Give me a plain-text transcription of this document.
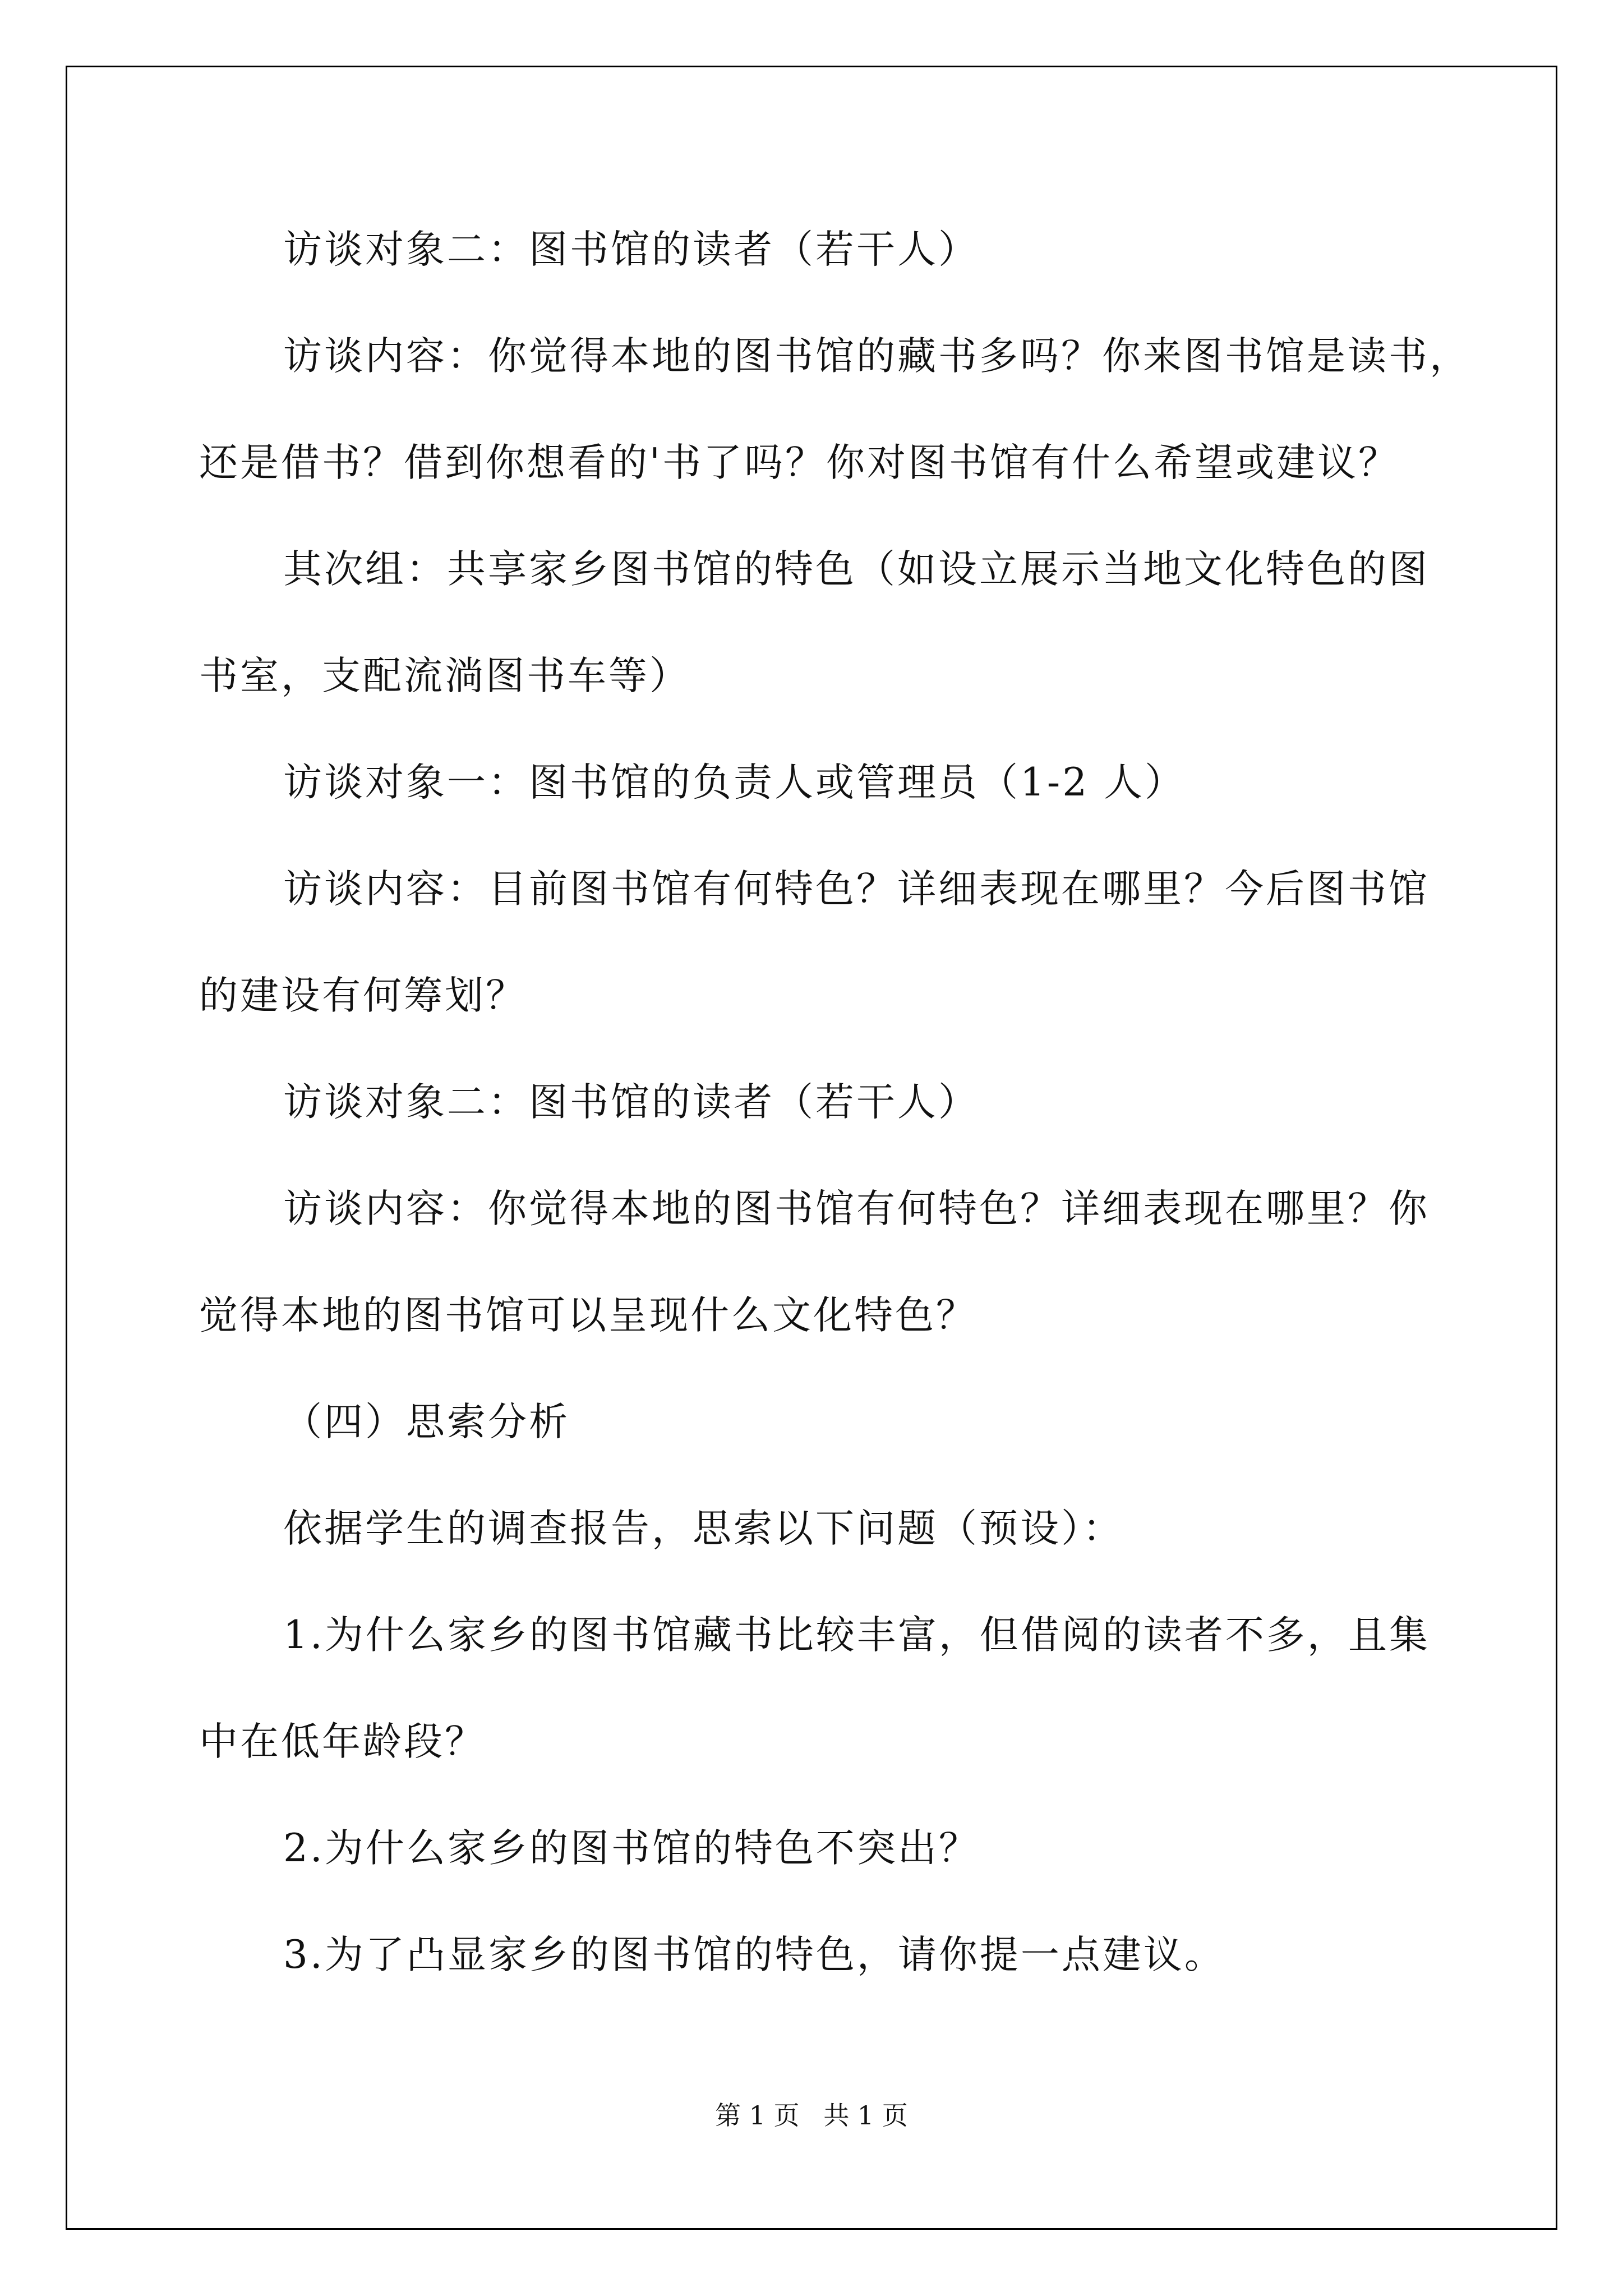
访谈对象二：图书馆的读者（若干人）
访谈内容：你觉得本地的图书馆的藏书多吗？你来图书馆是读书，
还是借书？借到你想看的'书了吗？你对图书馆有什么希望或建议？
其次组：共享家乡图书馆的特色（如设立展示当地文化特色的图
书室，支配流淌图书车等）
访谈对象一：图书馆的负责人或管理员（1-2 人）
访谈内容：目前图书馆有何特色？详细表现在哪里？今后图书馆
的建设有何筹划？
访谈对象二：图书馆的读者（若干人）
访谈内容：你觉得本地的图书馆有何特色？详细表现在哪里？你
觉得本地的图书馆可以呈现什么文化特色？
（四）思索分析
依据学生的调查报告，思索以下问题（预设）：
1.为什么家乡的图书馆藏书比较丰富，但借阅的读者不多，且集
中在低年龄段？
2.为什么家乡的图书馆的特色不突出？
3.为了凸显家乡的图书馆的特色，请你提一点建议。
第 1 页 共 1 页
